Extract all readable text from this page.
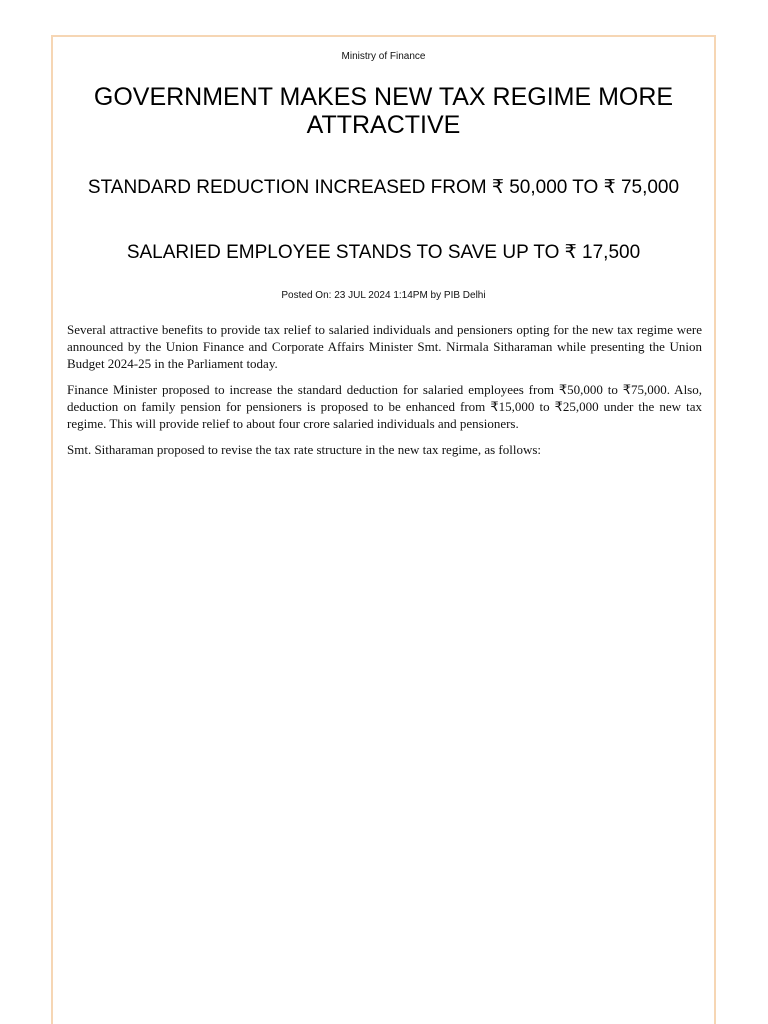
Ministry of Finance
GOVERNMENT MAKES NEW TAX REGIME MORE ATTRACTIVE
STANDARD REDUCTION INCREASED FROM ₹ 50,000 TO ₹ 75,000
SALARIED EMPLOYEE STANDS TO SAVE UP TO ₹ 17,500
Posted On: 23 JUL 2024 1:14PM by PIB Delhi

Several attractive benefits to provide tax relief to salaried individuals and pensioners opting for the new tax regime were announced by the Union Finance and Corporate Affairs Minister Smt. Nirmala Sitharaman while presenting the Union Budget 2024-25 in the Parliament today.

Finance Minister proposed to increase the standard deduction for salaried employees from ₹50,000 to ₹75,000. Also, deduction on family pension for pensioners is proposed to be enhanced from ₹15,000 to ₹25,000 under the new tax regime. This will provide relief to about four crore salaried individuals and pensioners.

Smt. Sitharaman proposed to revise the tax rate structure in the new tax regime, as follows:
